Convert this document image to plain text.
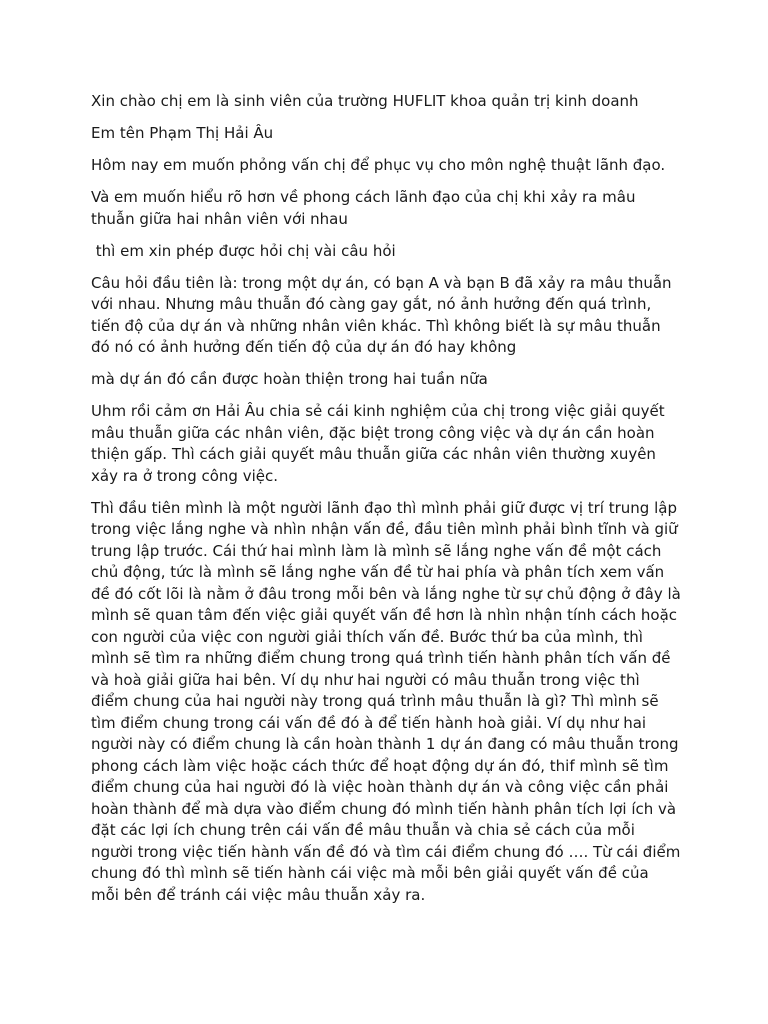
Xin chào chị em là sinh viên của trường HUFLIT khoa quản trị kinh doanh

Em tên Phạm Thị Hải Âu

Hôm nay em muốn phỏng vấn chị để phục vụ cho môn nghệ thuật lãnh đạo.

Và em muốn hiểu rõ hơn về phong cách lãnh đạo của chị khi xảy ra mâu thuẫn giữa hai nhân viên với nhau

thì em xin phép được hỏi chị vài câu hỏi

Câu hỏi đầu tiên là: trong một dự án, có bạn A và bạn B đã xảy ra mâu thuẫn với nhau. Nhưng mâu thuẫn đó càng gay gắt, nó ảnh hưởng đến quá trình, tiến độ của dự án và những nhân viên khác. Thì không biết là sự mâu thuẫn đó nó có ảnh hưởng đến tiến độ của dự án đó hay không

mà dự án đó cần được hoàn thiện trong hai tuần nữa

Uhm rồi cảm ơn Hải Âu chia sẻ cái kinh nghiệm của chị trong việc giải quyết mâu thuẫn giữa các nhân viên, đặc biệt trong công việc và dự án cần hoàn thiện gấp. Thì cách giải quyết mâu thuẫn giữa các nhân viên thường xuyên xảy ra ở trong công việc.

Thì đầu tiên mình là một người lãnh đạo thì mình phải giữ được vị trí trung lập trong việc lắng nghe và nhìn nhận vấn đề, đầu tiên mình phải bình tĩnh và giữ trung lập trước. Cái thứ hai mình làm là mình sẽ lắng nghe vấn đề một cách chủ động, tức là mình sẽ lắng nghe vấn đề từ hai phía và phân tích xem vấn đề đó cốt lõi là nằm ở đâu trong mỗi bên và lắng nghe từ sự chủ động ở đây là mình sẽ quan tâm đến việc giải quyết vấn đề hơn là nhìn nhận tính cách hoặc con người của việc con người giải thích vấn đề. Bước thứ ba của mình, thì mình sẽ tìm ra những điểm chung trong quá trình tiến hành phân tích vấn đề và hoà giải giữa hai bên. Ví dụ như hai người có mâu thuẫn trong việc thì điểm chung của hai người này trong quá trình mâu thuẫn là gì? Thì mình sẽ tìm điểm chung trong cái vấn đề đó à để tiến hành hoà giải. Ví dụ như hai người này có điểm chung là cần hoàn thành 1 dự án đang có mâu thuẫn trong phong cách làm việc hoặc cách thức để hoạt động dự án đó, thif mình sẽ tìm điểm chung của hai người đó là việc hoàn thành dự án và công việc cần phải hoàn thành để mà dựa vào điểm chung đó mình tiến hành phân tích lợi ích và đặt các lợi ích chung trên cái vấn đề mâu thuẫn và chia sẻ cách của mỗi người trong việc tiến hành vấn đề đó và tìm cái điểm chung đó …. Từ cái điểm chung đó thì mình sẽ tiến hành cái việc mà mỗi bên giải quyết vấn đề của mỗi bên để tránh cái việc mâu thuẫn xảy ra.
